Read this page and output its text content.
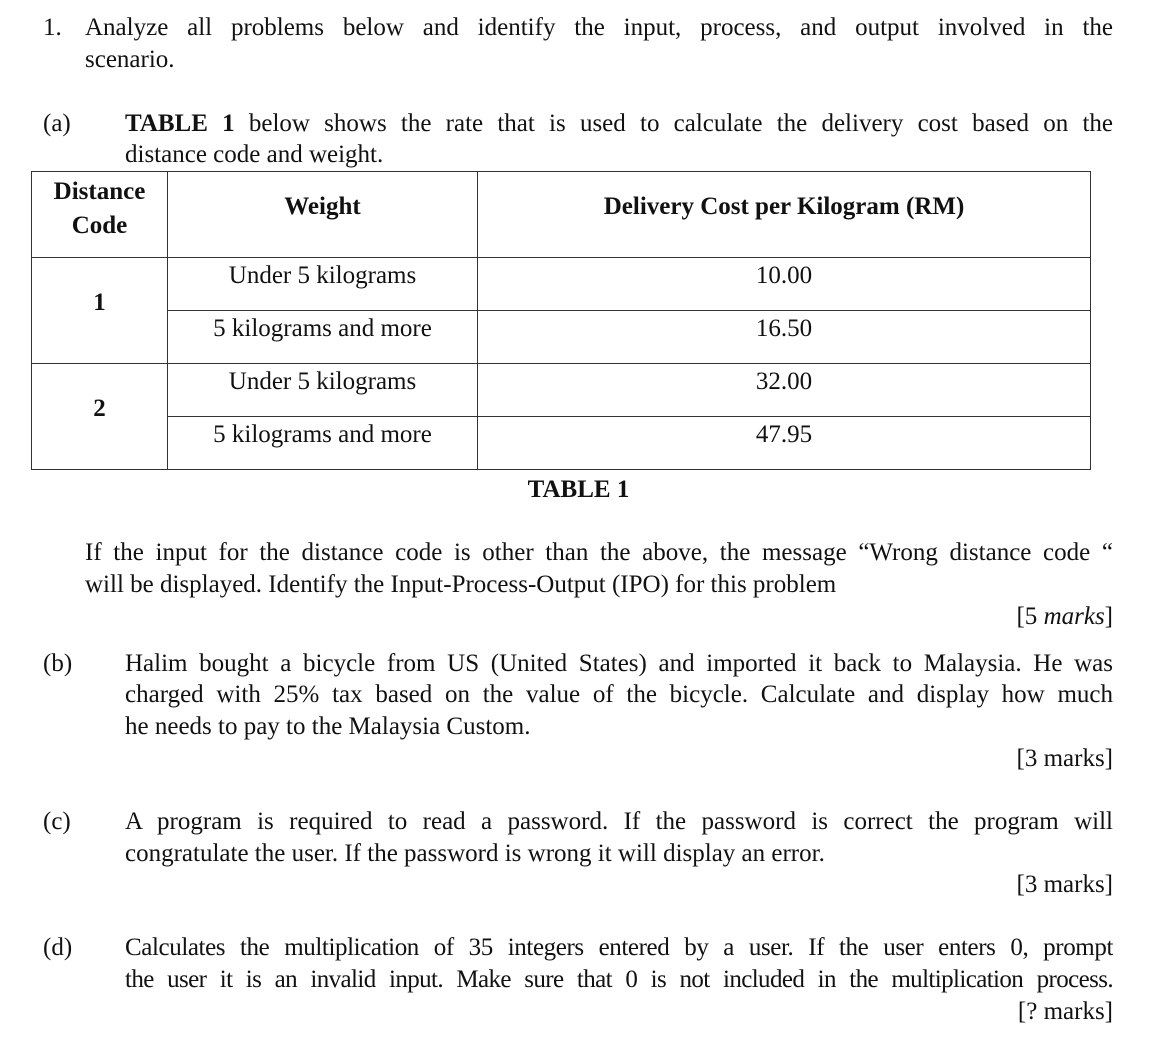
1. Analyze all problems below and identify the input, process, and output involved in the
scenario.
(a) TABLE 1 below shows the rate that is used to calculate the delivery cost based on the
distance code and weight.
Distance
Code	Weight	Delivery Cost per Kilogram (RM)

1	Under 5 kilograms	10.00

	5 kilograms and more	16.50

2	Under 5 kilograms	32.00

	5 kilograms and more	47.95
TABLE 1
If the input for the distance code is other than the above, the message “Wrong distance code “
will be displayed. Identify the Input-Process-Output (IPO) for this problem
[5 marks]
(b) Halim bought a bicycle from US (United States) and imported it back to Malaysia. He was
charged with 25% tax based on the value of the bicycle. Calculate and display how much
he needs to pay to the Malaysia Custom.
[3 marks]
(c) A program is required to read a password. If the password is correct the program will
congratulate the user. If the password is wrong it will display an error.
[3 marks]
(d) Calculates the multiplication of 35 integers entered by a user. If the user enters 0, prompt
the user it is an invalid input. Make sure that 0 is not included in the multiplication process.
[? marks]
